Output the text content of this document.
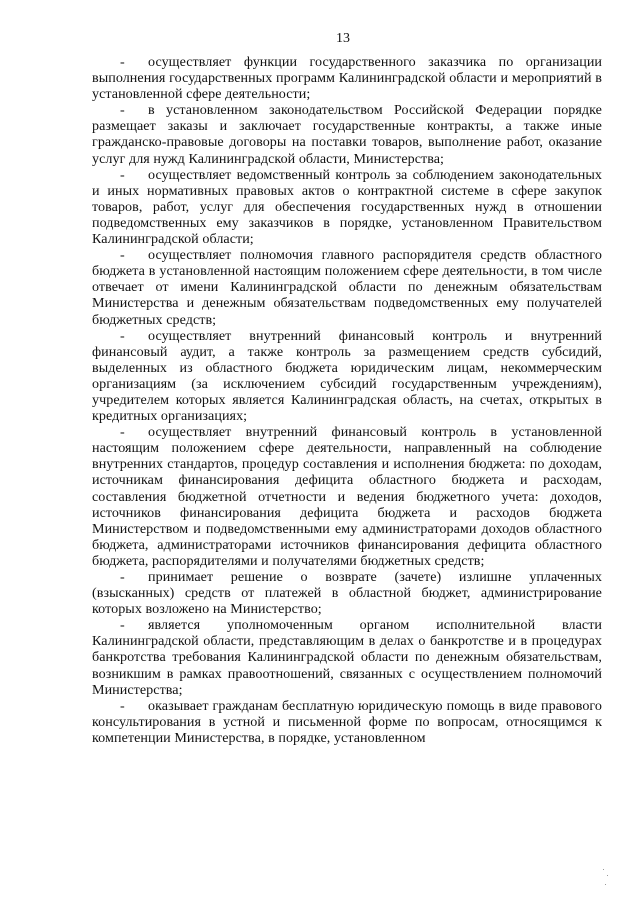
13

- осуществляет функции государственного заказчика по организации выполнения государственных программ Калининградской области и мероприятий в установленной сфере деятельности;

- в установленном законодательством Российской Федерации порядке размещает заказы и заключает государственные контракты, а также иные гражданско-правовые договоры на поставки товаров, выполнение работ, оказание услуг для нужд Калининградской области, Министерства;

- осуществляет ведомственный контроль за соблюдением законодательных и иных нормативных правовых актов о контрактной системе в сфере закупок товаров, работ, услуг для обеспечения государственных нужд в отношении подведомственных ему заказчиков в порядке, установленном Правительством Калининградской области;

- осуществляет полномочия главного распорядителя средств областного бюджета в установленной настоящим положением сфере деятельности, в том числе отвечает от имени Калининградской области по денежным обязательствам Министерства и денежным обязательствам подведомственных ему получателей бюджетных средств;

- осуществляет внутренний финансовый контроль и внутренний финансовый аудит, а также контроль за размещением средств субсидий, выделенных из областного бюджета юридическим лицам, некоммерческим организациям (за исключением субсидий государственным учреждениям), учредителем которых является Калининградская область, на счетах, открытых в кредитных организациях;

- осуществляет внутренний финансовый контроль в установленной настоящим положением сфере деятельности, направленный на соблюдение внутренних стандартов, процедур составления и исполнения бюджета: по доходам, источникам финансирования дефицита областного бюджета и расходам, составления бюджетной отчетности и ведения бюджетного учета: доходов, источников финансирования дефицита бюджета и расходов бюджета Министерством и подведомственными ему администраторами доходов областного бюджета, администраторами источников финансирования дефицита областного бюджета, распорядителями и получателями бюджетных средств;

- принимает решение о возврате (зачете) излишне уплаченных (взысканных) средств от платежей в областной бюджет, администрирование которых возложено на Министерство;

- является уполномоченным органом исполнительной власти Калининградской области, представляющим в делах о банкротстве и в процедурах банкротства требования Калининградской области по денежным обязательствам, возникшим в рамках правоотношений, связанных с осуществлением полномочий Министерства;

- оказывает гражданам бесплатную юридическую помощь в виде правового консультирования в устной и письменной форме по вопросам, относящимся к компетенции Министерства, в порядке, установленном
